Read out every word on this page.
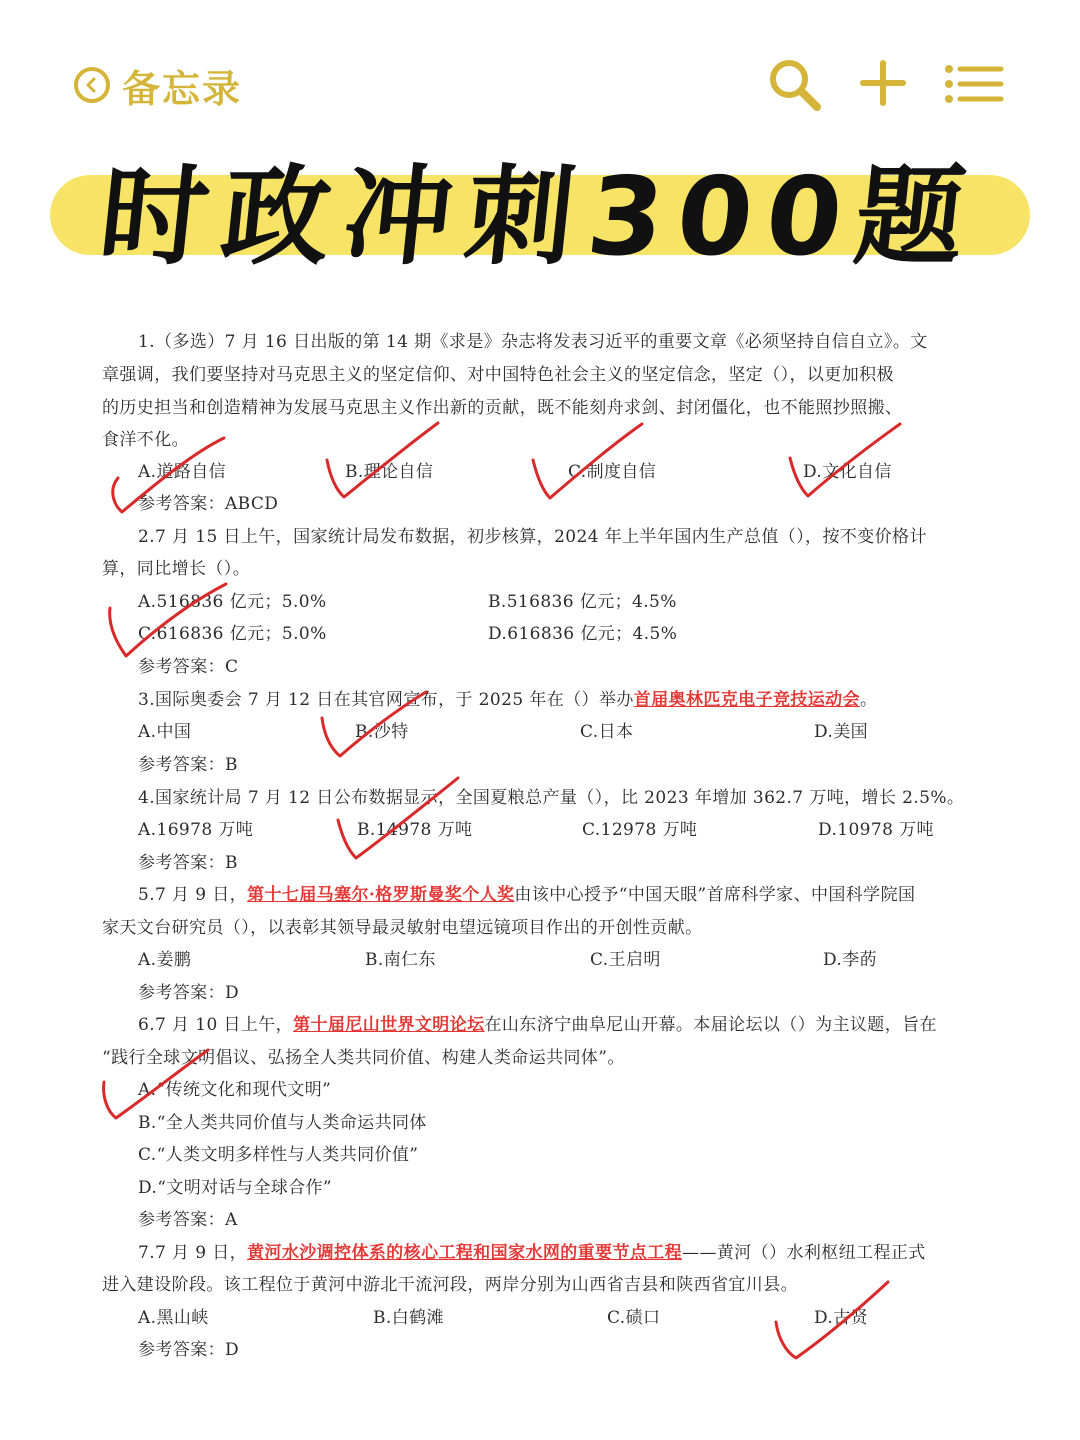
备忘录
时政冲刺300题
1.（多选）7 月 16 日出版的第 14 期《求是》杂志将发表习近平的重要文章《必须坚持自信自立》。文
章强调，我们要坚持对马克思主义的坚定信仰、对中国特色社会主义的坚定信念，坚定（），以更加积极
的历史担当和创造精神为发展马克思主义作出新的贡献，既不能刻舟求剑、封闭僵化，也不能照抄照搬、
食洋不化。
A.道路自信	B.理论自信	C.制度自信	D.文化自信
参考答案：ABCD
2.7 月 15 日上午，国家统计局发布数据，初步核算，2024 年上半年国内生产总值（），按不变价格计
算，同比增长（）。
A.516836 亿元；5.0%	B.516836 亿元；4.5%
C.616836 亿元；5.0%	D.616836 亿元；4.5%
参考答案：C
3.国际奥委会 7 月 12 日在其官网宣布，于 2025 年在（）举办首届奥林匹克电子竞技运动会。
A.中国	B.沙特	C.日本	D.美国
参考答案：B
4.国家统计局 7 月 12 日公布数据显示，全国夏粮总产量（），比 2023 年增加 362.7 万吨，增长 2.5%。
A.16978 万吨	B.14978 万吨	C.12978 万吨	D.10978 万吨
参考答案：B
5.7 月 9 日，第十七届马塞尔·格罗斯曼奖个人奖由该中心授予“中国天眼”首席科学家、中国科学院国
家天文台研究员（），以表彰其领导最灵敏射电望远镜项目作出的开创性贡献。
A.姜鹏	B.南仁东	C.王启明	D.李菂
参考答案：D
6.7 月 10 日上午，第十届尼山世界文明论坛在山东济宁曲阜尼山开幕。本届论坛以（）为主议题，旨在
“践行全球文明倡议、弘扬全人类共同价值、构建人类命运共同体”。
A.“传统文化和现代文明”
B.“全人类共同价值与人类命运共同体
C.“人类文明多样性与人类共同价值”
D.“文明对话与全球合作”
参考答案：A
7.7 月 9 日，黄河水沙调控体系的核心工程和国家水网的重要节点工程——黄河（）水利枢纽工程正式
进入建设阶段。该工程位于黄河中游北干流河段，两岸分别为山西省吉县和陕西省宜川县。
A.黑山峡	B.白鹤滩	C.碛口	D.古贤
参考答案：D
